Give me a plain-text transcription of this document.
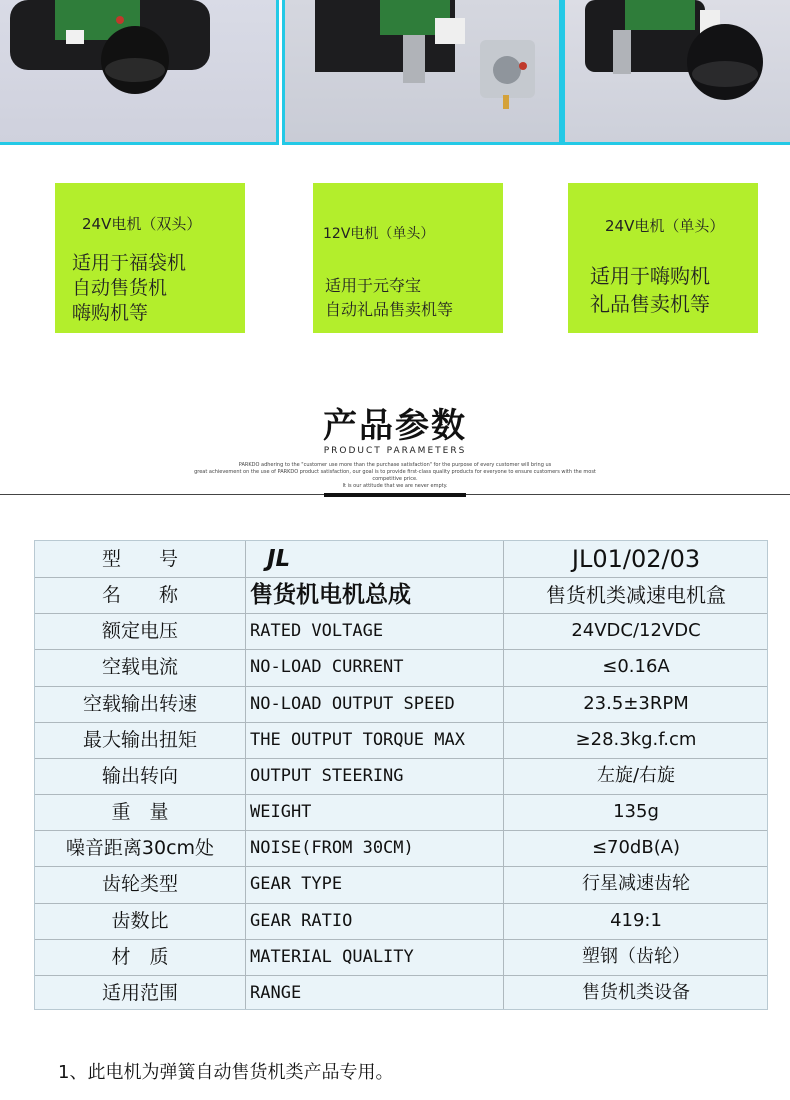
24V电机（双头）
适用于福袋机
自动售货机
嗨购机等
12V电机（单头）
适用于元夺宝
自动礼品售卖机等
24V电机（单头）
适用于嗨购机
礼品售卖机等
产品参数
PRODUCT PARAMETERS
PARKDO adhering to the "customer use more than the purchase satisfaction" for the purpose of every customer will bring us
great achievement on the use of PARKDO product satisfaction, our goal is to provide first-class quality products for everyone to ensure customers with the most competitive price.
It is our attitude that we are never empty.
型　　号	JL	JL01/02/03
名　　称	售货机电机总成	售货机类减速电机盒
额定电压	RATED VOLTAGE	24VDC/12VDC
空载电流	NO-LOAD CURRENT	≤0.16A
空载输出转速	NO-LOAD OUTPUT SPEED	23.5±3RPM
最大输出扭矩	THE OUTPUT TORQUE MAX	≥28.3kg.f.cm
输出转向	OUTPUT STEERING	左旋/右旋
重　量	WEIGHT	135g
噪音距离30cm处	NOISE(FROM 30CM)	≤70dB(A)
齿轮类型	GEAR TYPE	行星减速齿轮
齿数比	GEAR RATIO	419:1
材　质	MATERIAL QUALITY	塑钢（齿轮）
适用范围	RANGE	售货机类设备
1、此电机为弹簧自动售货机类产品专用。
